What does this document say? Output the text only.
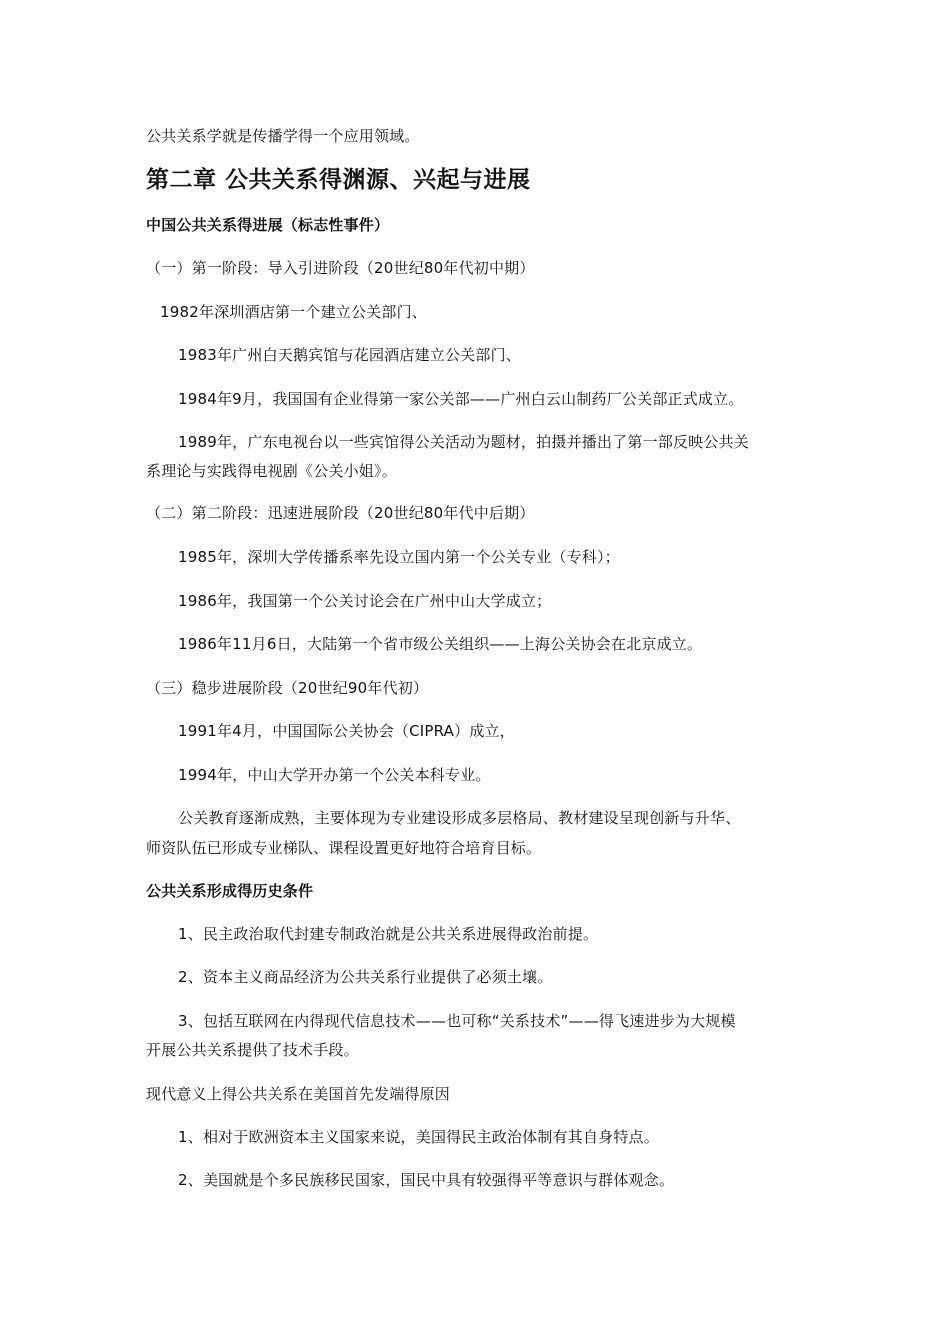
公共关系学就是传播学得一个应用领域。
第二章 公共关系得渊源、兴起与进展
中国公共关系得进展（标志性事件）
（一）第一阶段：导入引进阶段（20世纪80年代初中期）
1982年深圳酒店第一个建立公关部门、
1983年广州白天鹅宾馆与花园酒店建立公关部门、
1984年9月，我国国有企业得第一家公关部——广州白云山制药厂公关部正式成立。
1989年，广东电视台以一些宾馆得公关活动为题材，拍摄并播出了第一部反映公共关
系理论与实践得电视剧《公关小姐》。
（二）第二阶段：迅速进展阶段（20世纪80年代中后期）
1985年，深圳大学传播系率先设立国内第一个公关专业（专科）；
1986年，我国第一个公关讨论会在广州中山大学成立；
1986年11月6日，大陆第一个省市级公关组织——上海公关协会在北京成立。
（三）稳步进展阶段（20世纪90年代初）
1991年4月，中国国际公关协会（CIPRA）成立，
1994年，中山大学开办第一个公关本科专业。
公关教育逐渐成熟，主要体现为专业建设形成多层格局、教材建设呈现创新与升华、
师资队伍已形成专业梯队、课程设置更好地符合培育目标。
公共关系形成得历史条件
1、民主政治取代封建专制政治就是公共关系进展得政治前提。
2、资本主义商品经济为公共关系行业提供了必须土壤。
3、包括互联网在内得现代信息技术——也可称“关系技术”——得飞速进步为大规模
开展公共关系提供了技术手段。
现代意义上得公共关系在美国首先发端得原因
1、相对于欧洲资本主义国家来说，美国得民主政治体制有其自身特点。
2、美国就是个多民族移民国家，国民中具有较强得平等意识与群体观念。
